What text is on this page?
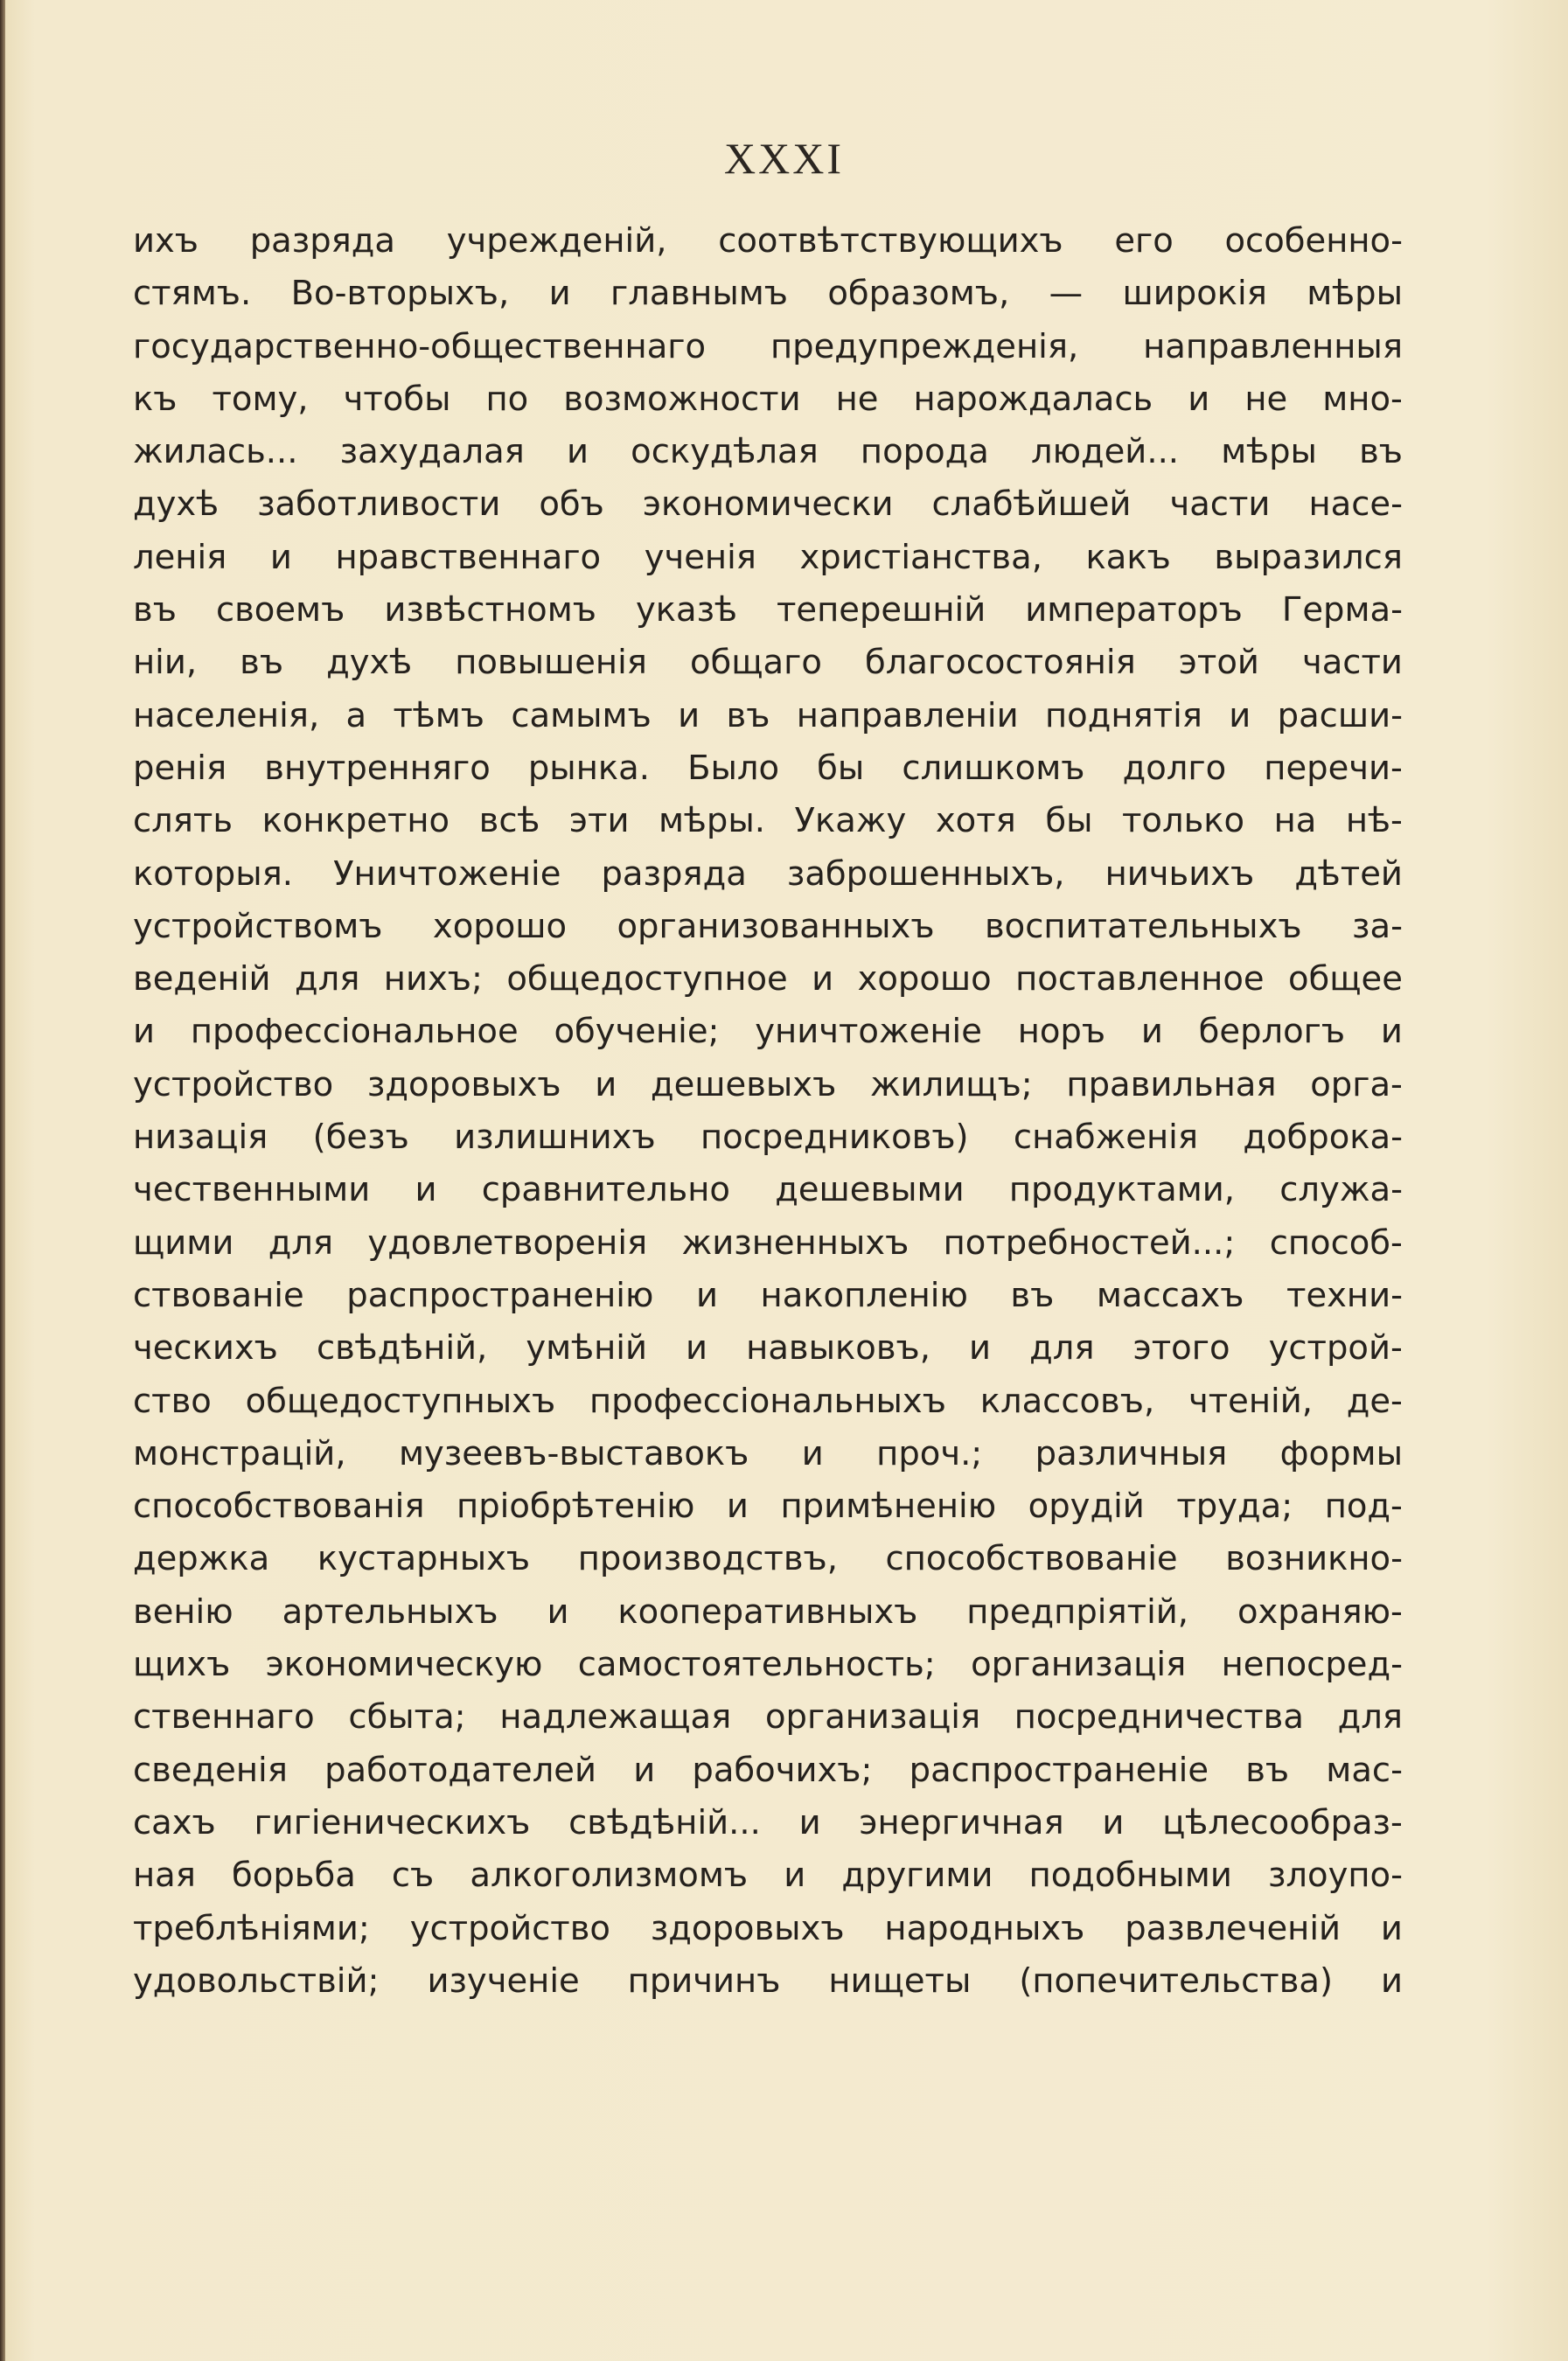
XXXI
ихъ разряда учрежденій, соотвѣтствующихъ его особенно-
стямъ. Во-вторыхъ, и главнымъ образомъ, — широкія мѣры
государственно-общественнаго предупрежденія, направленныя
къ тому, чтобы по возможности не нарождалась и не мно-
жилась... захудалая и оскудѣлая порода людей... мѣры въ
духѣ заботливости объ экономически слабѣйшей части насе-
ленія и нравственнаго ученія христіанства, какъ выразился
въ своемъ извѣстномъ указѣ теперешній императоръ Герма-
ніи, въ духѣ повышенія общаго благосостоянія этой части
населенія, а тѣмъ самымъ и въ направленіи поднятія и расши-
ренія внутренняго рынка. Было бы слишкомъ долго перечи-
слять конкретно всѣ эти мѣры. Укажу хотя бы только на нѣ-
которыя. Уничтоженіе разряда заброшенныхъ, ничьихъ дѣтей
устройствомъ хорошо организованныхъ воспитательныхъ за-
веденій для нихъ; общедоступное и хорошо поставленное общее
и профессіональное обученіе; уничтоженіе норъ и берлогъ и
устройство здоровыхъ и дешевыхъ жилищъ; правильная орга-
низація (безъ излишнихъ посредниковъ) снабженія доброка-
чественными и сравнительно дешевыми продуктами, служа-
щими для удовлетворенія жизненныхъ потребностей...; способ-
ствованіе распространенію и накопленію въ массахъ техни-
ческихъ свѣдѣній, умѣній и навыковъ, и для этого устрой-
ство общедоступныхъ профессіональныхъ классовъ, чтеній, де-
монстрацій, музеевъ-выставокъ и проч.; различныя формы
способствованія пріобрѣтенію и примѣненію орудій труда; под-
держка кустарныхъ производствъ, способствованіе возникно-
венію артельныхъ и кооперативныхъ предпріятій, охраняю-
щихъ экономическую самостоятельность; организація непосред-
ственнаго сбыта; надлежащая организація посредничества для
сведенія работодателей и рабочихъ; распространеніе въ мас-
сахъ гигіеническихъ свѣдѣній... и энергичная и цѣлесообраз-
ная борьба съ алкоголизмомъ и другими подобными злоупо-
треблѣніями; устройство здоровыхъ народныхъ развлеченій и
удовольствій; изученіе причинъ нищеты (попечительства) и
